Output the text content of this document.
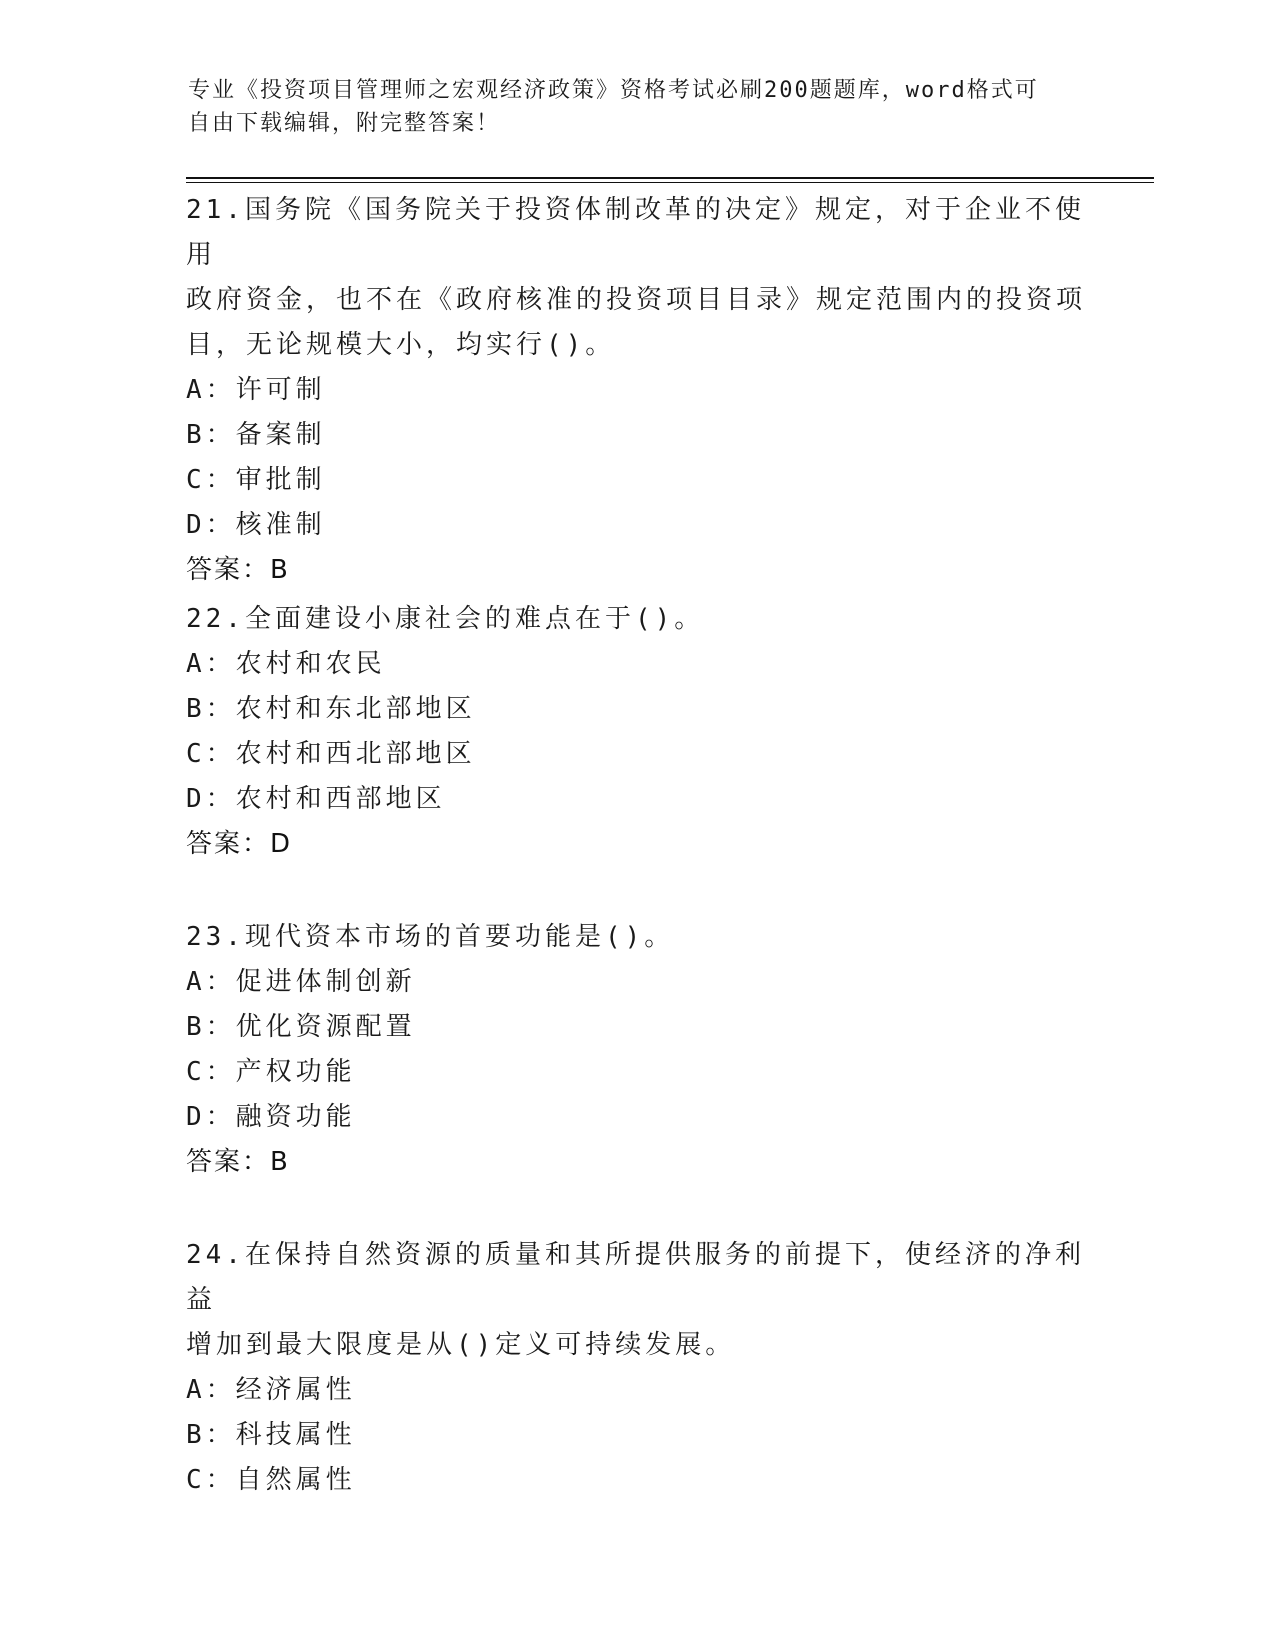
专业《投资项目管理师之宏观经济政策》资格考试必刷200题题库，word格式可
自由下载编辑，附完整答案！
21.国务院《国务院关于投资体制改革的决定》规定，对于企业不使用
政府资金，也不在《政府核准的投资项目目录》规定范围内的投资项
目，无论规模大小，均实行()。
A：许可制
B：备案制
C：审批制
D：核准制
答案：B
22.全面建设小康社会的难点在于()。
A：农村和农民
B：农村和东北部地区
C：农村和西北部地区
D：农村和西部地区
答案：D
23.现代资本市场的首要功能是()。
A：促进体制创新
B：优化资源配置
C：产权功能
D：融资功能
答案：B
24.在保持自然资源的质量和其所提供服务的前提下，使经济的净利益
增加到最大限度是从()定义可持续发展。
A：经济属性
B：科技属性
C：自然属性
